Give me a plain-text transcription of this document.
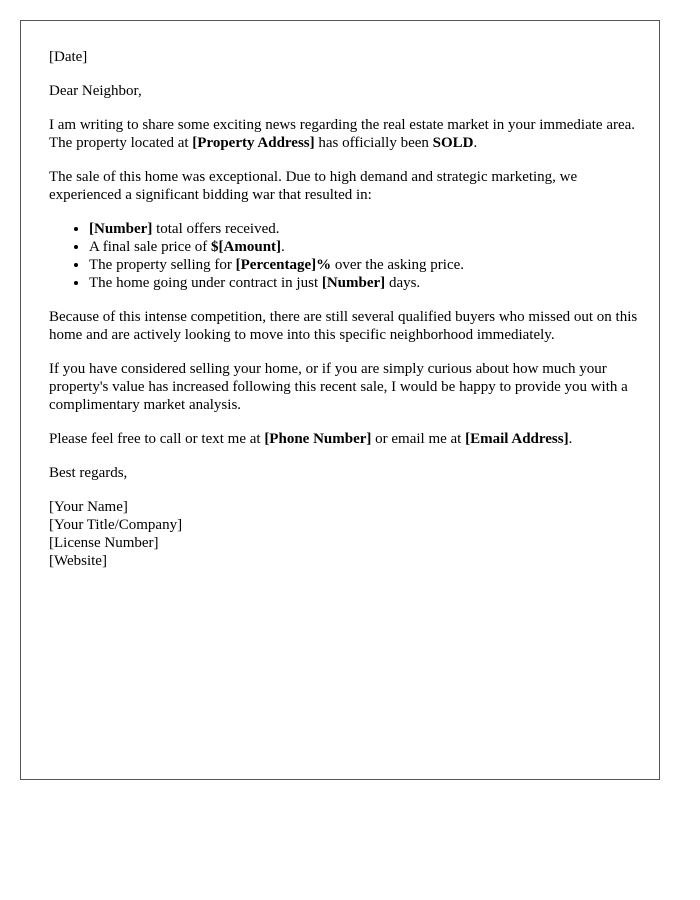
[Date]

Dear Neighbor,

I am writing to share some exciting news regarding the real estate market in your immediate area. The property located at [Property Address] has officially been SOLD.

The sale of this home was exceptional. Due to high demand and strategic marketing, we experienced a significant bidding war that resulted in:

• [Number] total offers received.
• A final sale price of $[Amount].
• The property selling for [Percentage]% over the asking price.
• The home going under contract in just [Number] days.

Because of this intense competition, there are still several qualified buyers who missed out on this home and are actively looking to move into this specific neighborhood immediately.

If you have considered selling your home, or if you are simply curious about how much your property's value has increased following this recent sale, I would be happy to provide you with a complimentary market analysis.

Please feel free to call or text me at [Phone Number] or email me at [Email Address].

Best regards,

[Your Name]
[Your Title/Company]
[License Number]
[Website]
